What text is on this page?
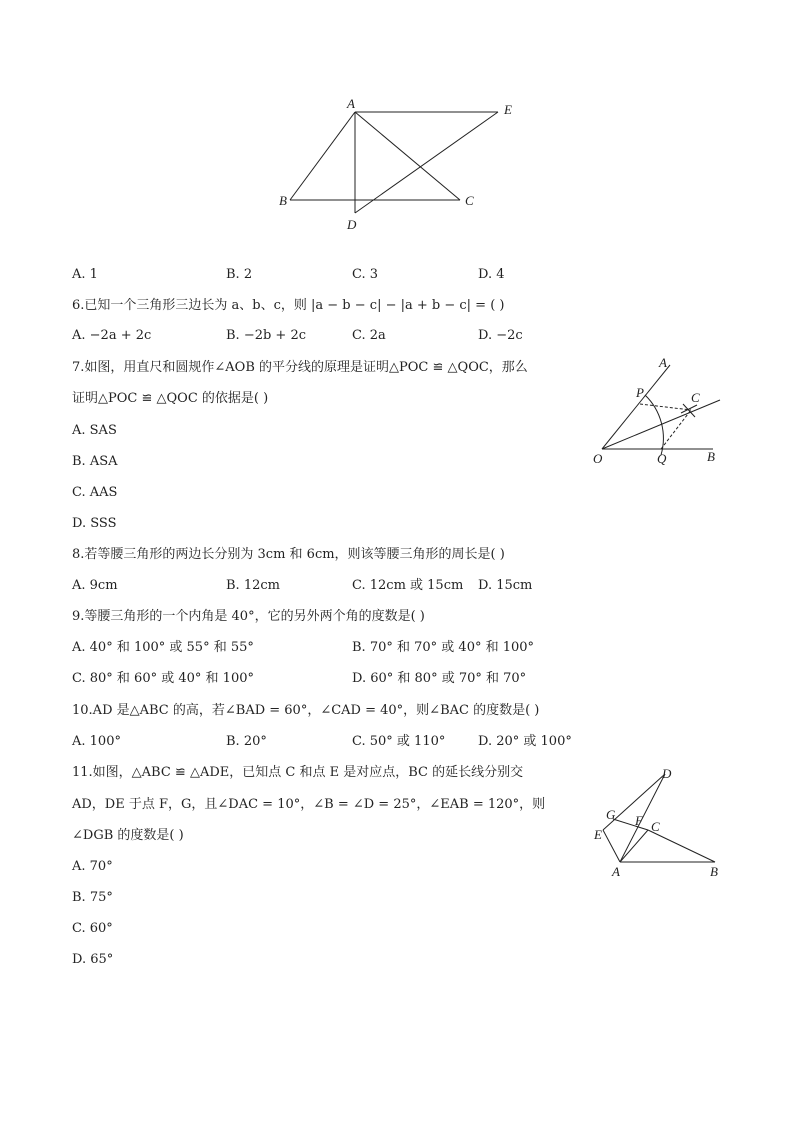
A	E
B	C
D
A. 1	B. 2	C. 3	D. 4
6.已知一个三角形三边长为 a、b、c，则 |a − b − c| − |a + b − c| = ( )
A. −2a + 2c	B. −2b + 2c	C. 2a	D. −2c
7.如图，用直尺和圆规作∠AOB 的平分线的原理是证明△POC ≌ △QOC，那么
证明△POC ≌ △QOC 的依据是( )
A. SAS
B. ASA
C. AAS
D. SSS
A
P	C
O	Q	B
8.若等腰三角形的两边长分别为 3cm 和 6cm，则该等腰三角形的周长是( )
A. 9cm	B. 12cm	C. 12cm 或 15cm D. 15cm
9.等腰三角形的一个内角是 40°，它的另外两个角的度数是( )
A. 40° 和 100° 或 55° 和 55°	B. 70° 和 70° 或 40° 和 100°
C. 80° 和 60° 或 40° 和 100°	D. 60° 和 80° 或 70° 和 70°
10.AD 是△ABC 的高，若∠BAD = 60°，∠CAD = 40°，则∠BAC 的度数是( )
A. 100°	B. 20°	C. 50° 或 110°	D. 20° 或 100°
11.如图，△ABC ≌ △ADE，已知点 C 和点 E 是对应点，BC 的延长线分别交
AD，DE 于点 F，G，且∠DAC = 10°，∠B = ∠D = 25°，∠EAB = 120°，则
∠DGB 的度数是( )
A. 70°
B. 75°
C. 60°
D. 65°
D
G F C
E
A	B
